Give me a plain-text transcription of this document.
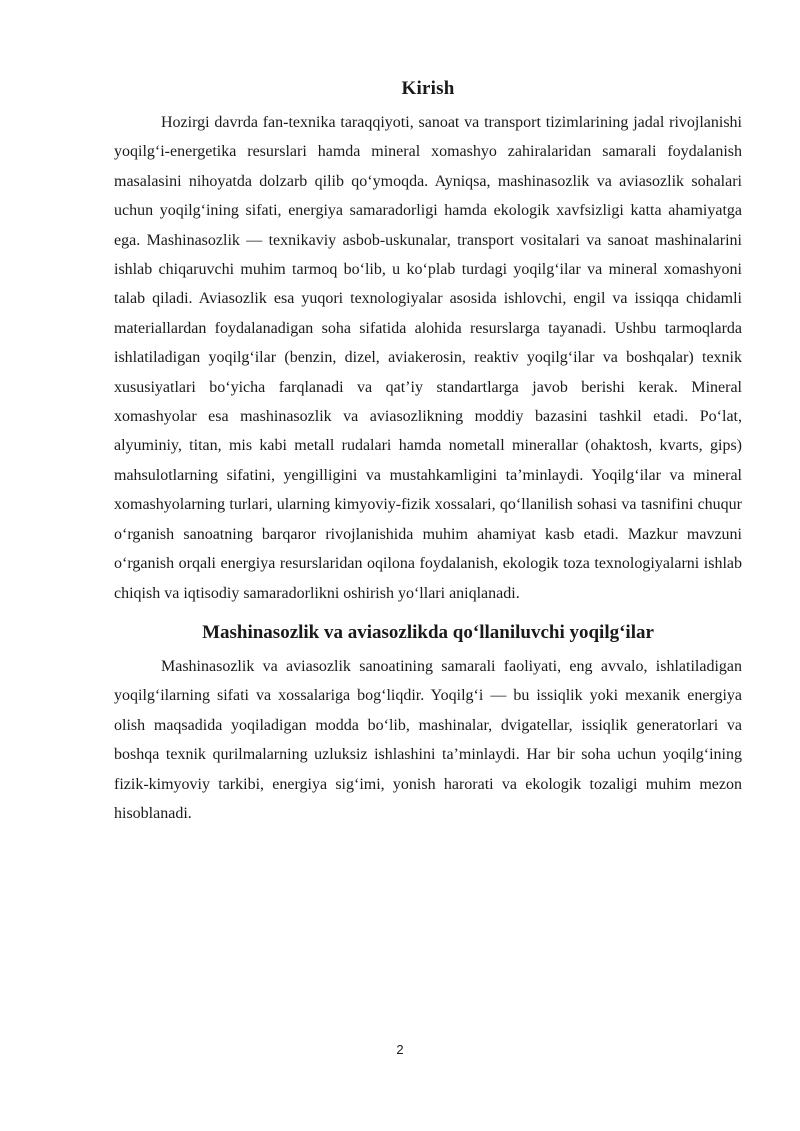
Kirish

Hozirgi davrda fan-texnika taraqqiyoti, sanoat va transport tizimlarining jadal rivojlanishi yoqilg‘i-energetika resurslari hamda mineral xomashyo zahiralaridan samarali foydalanish masalasini nihoyatda dolzarb qilib qo‘ymoqda. Ayniqsa, mashinasozlik va aviasozlik sohalari uchun yoqilg‘ining sifati, energiya samaradorligi hamda ekologik xavfsizligi katta ahamiyatga ega. Mashinasozlik — texnikaviy asbob-uskunalar, transport vositalari va sanoat mashinalarini ishlab chiqaruvchi muhim tarmoq bo‘lib, u ko‘plab turdagi yoqilg‘ilar va mineral xomashyoni talab qiladi. Aviasozlik esa yuqori texnologiyalar asosida ishlovchi, engil va issiqqa chidamli materiallardan foydalanadigan soha sifatida alohida resurslarga tayanadi. Ushbu tarmoqlarda ishlatiladigan yoqilg‘ilar (benzin, dizel, aviakerosin, reaktiv yoqilg‘ilar va boshqalar) texnik xususiyatlari bo‘yicha farqlanadi va qat’iy standartlarga javob berishi kerak. Mineral xomashyolar esa mashinasozlik va aviasozlikning moddiy bazasini tashkil etadi. Po‘lat, alyuminiy, titan, mis kabi metall rudalari hamda nometall minerallar (ohaktosh, kvarts, gips) mahsulotlarning sifatini, yengilligini va mustahkamligini ta’minlaydi. Yoqilg‘ilar va mineral xomashyolarning turlari, ularning kimyoviy-fizik xossalari, qo‘llanilish sohasi va tasnifini chuqur o‘rganish sanoatning barqaror rivojlanishida muhim ahamiyat kasb etadi. Mazkur mavzuni o‘rganish orqali energiya resurslaridan oqilona foydalanish, ekologik toza texnologiyalarni ishlab chiqish va iqtisodiy samaradorlikni oshirish yo‘llari aniqlanadi.

Mashinasozlik va aviasozlikda qo‘llaniluvchi yoqilg‘ilar

Mashinasozlik va aviasozlik sanoatining samarali faoliyati, eng avvalo, ishlatiladigan yoqilg‘ilarning sifati va xossalariga bog‘liqdir. Yoqilg‘i — bu issiqlik yoki mexanik energiya olish maqsadida yoqiladigan modda bo‘lib, mashinalar, dvigatellar, issiqlik generatorlari va boshqa texnik qurilmalarning uzluksiz ishlashini ta’minlaydi. Har bir soha uchun yoqilg‘ining fizik-kimyoviy tarkibi, energiya sig‘imi, yonish harorati va ekologik tozaligi muhim mezon hisoblanadi.

2
